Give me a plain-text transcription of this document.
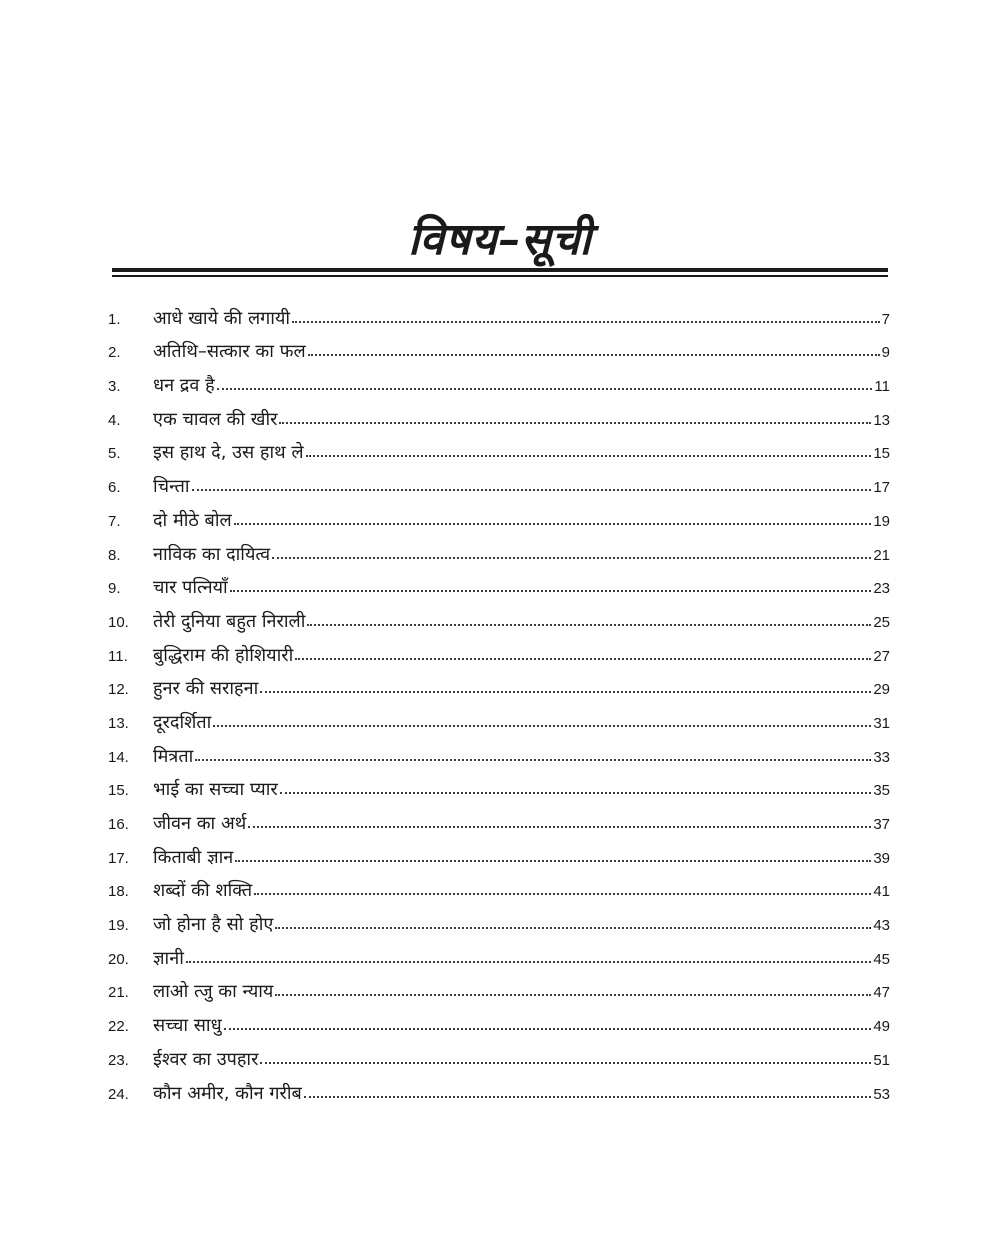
विषय–सूची
1.	आधे खाये की लगायी	7
2.	अतिथि–सत्कार का फल	9
3.	धन द्रव है	11
4.	एक चावल की खीर	13
5.	इस हाथ दे, उस हाथ ले	15
6.	चिन्ता	17
7.	दो मीठे बोल	19
8.	नाविक का दायित्व	21
9.	चार पत्नियाँ	23
10.	तेरी दुनिया बहुत निराली	25
11.	बुद्धिराम की होशियारी	27
12.	हुनर की सराहना	29
13.	दूरदर्शिता	31
14.	मित्रता	33
15.	भाई का सच्चा प्यार	35
16.	जीवन का अर्थ	37
17.	किताबी ज्ञान	39
18.	शब्दों की शक्ति	41
19.	जो होना है सो होए	43
20.	ज्ञानी	45
21.	लाओ त्जु का न्याय	47
22.	सच्चा साधु	49
23.	ईश्वर का उपहार	51
24.	कौन अमीर, कौन गरीब	53
